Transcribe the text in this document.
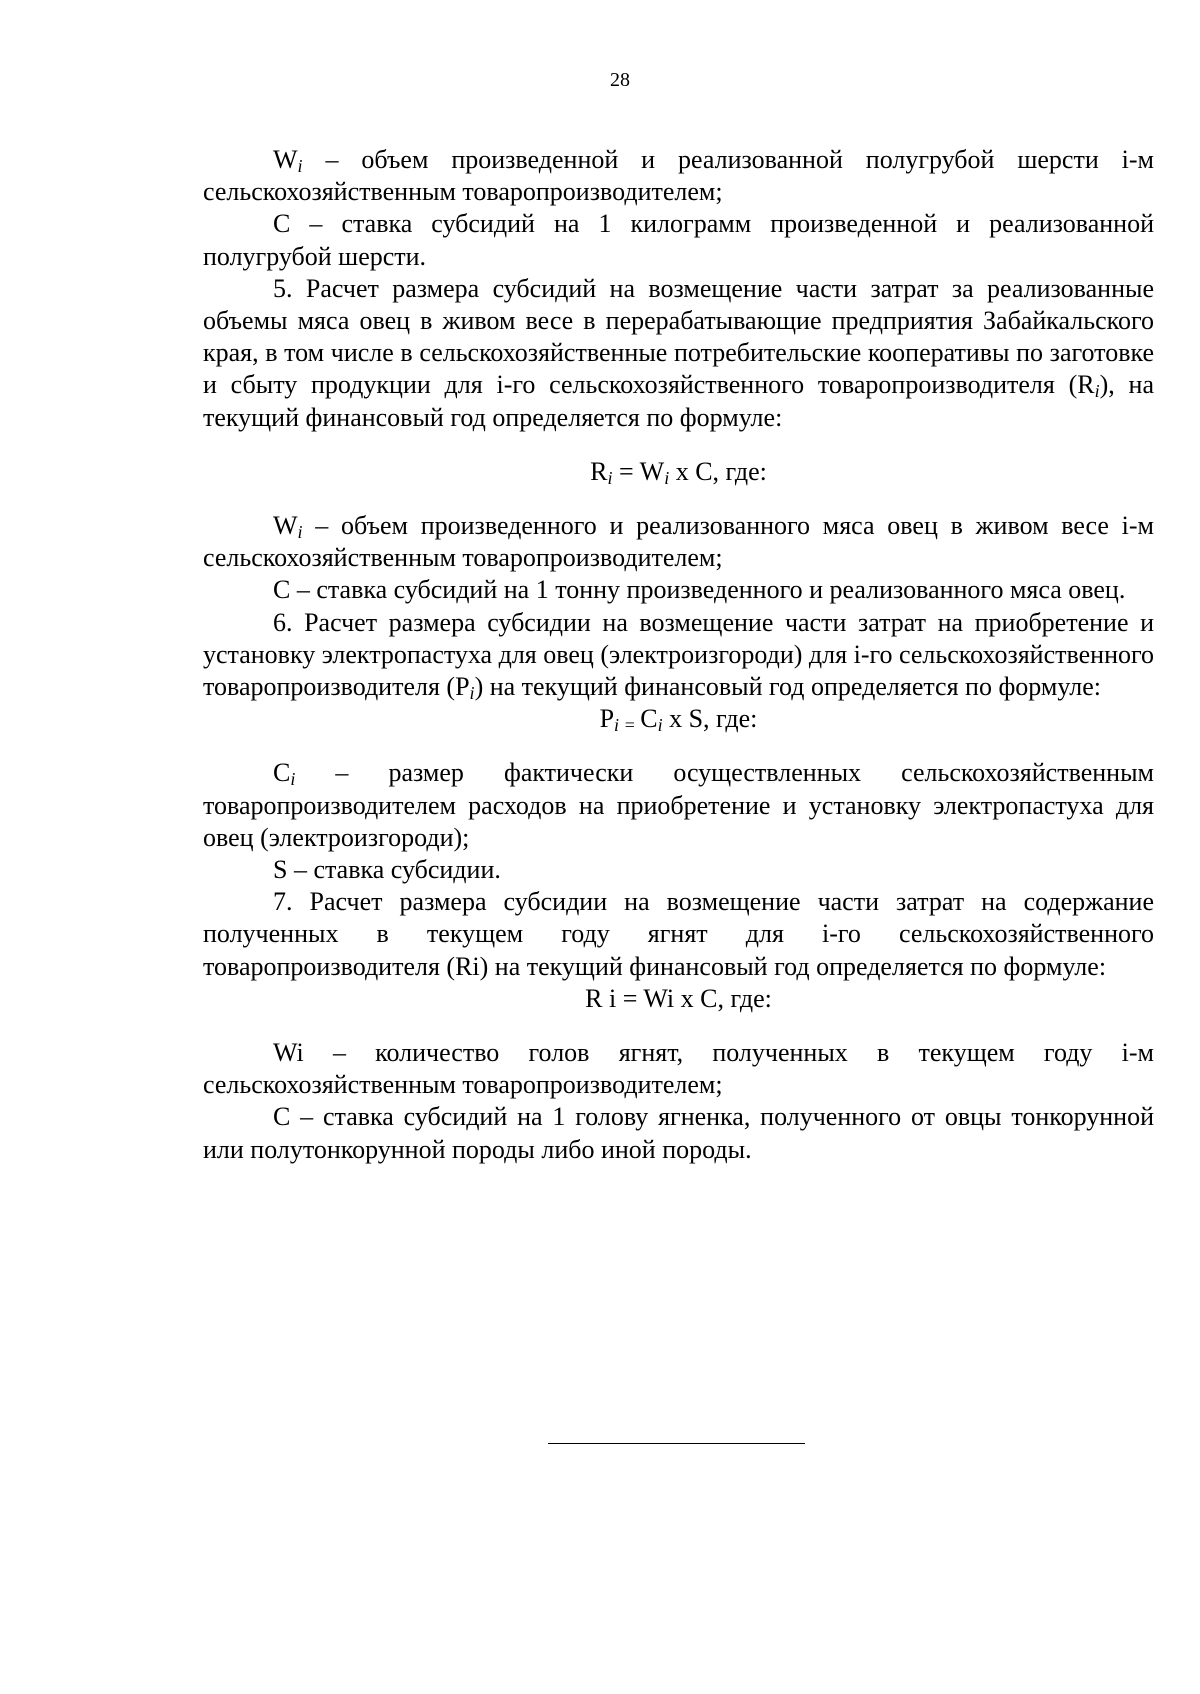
28

$W_i$ – объем произведенной и реализованной полугрубой шерсти i-м сельскохозяйственным товаропроизводителем;

С – ставка субсидий на 1 килограмм произведенной и реализованной полугрубой шерсти.

5. Расчет размера субсидий на возмещение части затрат за реализованные объемы мяса овец в живом весе в перерабатывающие предприятия Забайкальского края, в том числе в сельскохозяйственные потребительские кооперативы по заготовке и сбыту продукции для i-го сельскохозяйственного товаропроизводителя $(R_i)$, на текущий финансовый год определяется по формуле:

$R_i = W_i$ x С, где:

$W_i$ – объем произведенного и реализованного мяса овец в живом весе i-м сельскохозяйственным товаропроизводителем;

С – ставка субсидий на 1 тонну произведенного и реализованного мяса овец.

6. Расчет размера субсидии на возмещение части затрат на приобретение и установку электропастуха для овец (электроизгороди) для i-го сельскохозяйственного товаропроизводителя $(P_i)$ на текущий финансовый год определяется по формуле:

$P_i$ $_=$ $C_i$ x S, где:

$C_i$ – размер фактически осуществленных сельскохозяйственным товаропроизводителем расходов на приобретение и установку электропастуха для овец (электроизгороди);

S – ставка субсидии.

7. Расчет размера субсидии на возмещение части затрат на содержание полученных в текущем году ягнят для i-го сельскохозяйственного товаропроизводителя (Ri) на текущий финансовый год определяется по формуле:

R i = Wi x С, где:

Wi – количество голов ягнят, полученных в текущем году i-м сельскохозяйственным товаропроизводителем;

С – ставка субсидий на 1 голову ягненка, полученного от овцы тонкорунной или полутонкорунной породы либо иной породы.
